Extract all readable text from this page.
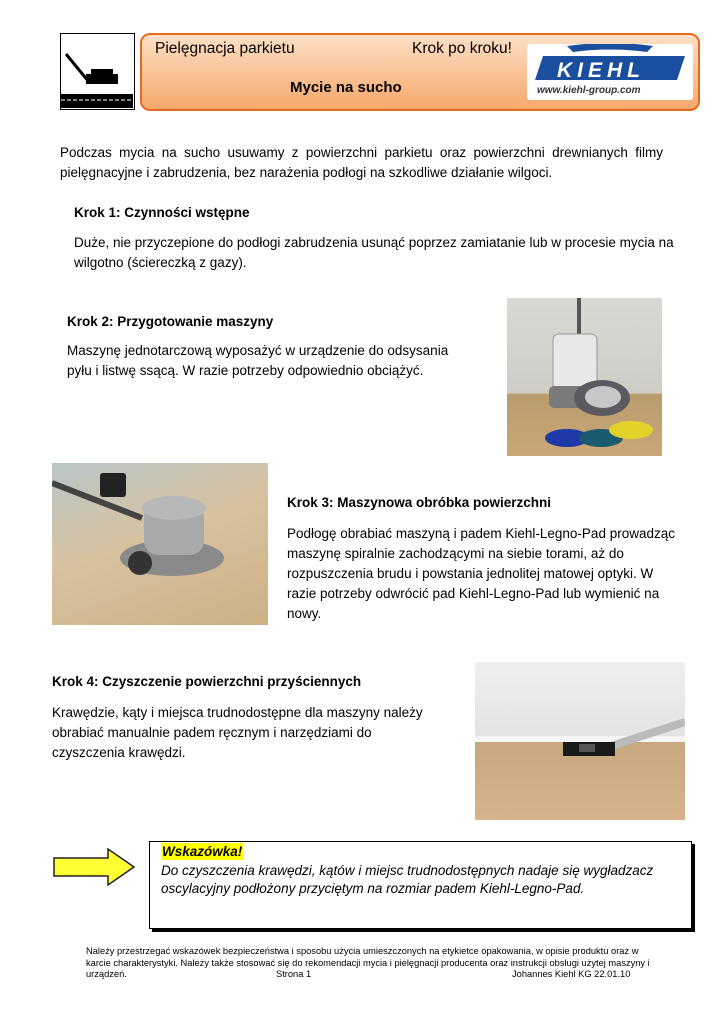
Pielęgnacja parkietu	Krok po kroku!
Mycie na sucho
KIEHL
www.kiehl-group.com
Podczas mycia na sucho usuwamy z powierzchni parkietu oraz powierzchni drewnianych filmy pielęgnacyjne i zabrudzenia, bez narażenia podłogi na szkodliwe działanie wilgoci.
Krok 1: Czynności wstępne
Duże, nie przyczepione do podłogi zabrudzenia usunąć poprzez zamiatanie lub w procesie mycia na wilgotno (ściereczką z gazy).
Krok 2: Przygotowanie maszyny
Maszynę jednotarczową wyposażyć w urządzenie do odsysania pyłu i listwę ssącą. W razie potrzeby odpowiednio obciążyć.
Krok 3: Maszynowa obróbka powierzchni
Podłogę obrabiać maszyną i padem Kiehl-Legno-Pad prowadząc maszynę spiralnie zachodzącymi na siebie torami, aż do rozpuszczenia brudu i powstania jednolitej matowej optyki. W razie potrzeby odwrócić pad Kiehl-Legno-Pad lub wymienić na nowy.
Krok 4: Czyszczenie powierzchni przyściennych
Krawędzie, kąty i miejsca trudnodostępne dla maszyny należy obrabiać manualnie padem ręcznym i narzędziami do czyszczenia krawędzi.
Wskazówka!
Do czyszczenia krawędzi, kątów i miejsc trudnodostępnych nadaje się wygładzacz oscylacyjny podłożony przyciętym na rozmiar padem Kiehl-Legno-Pad.
Należy przestrzegać wskazówek bezpieczeństwa i sposobu użycia umieszczonych na etykietce opakowania, w opisie produktu oraz w karcie charakterystyki. Należy także stosować się do rekomendacji mycia i pielęgnacji producenta oraz instrukcji obsługi użytej maszyny i urządzeń.	Strona 1	Johannes Kiehl KG 22.01.10
